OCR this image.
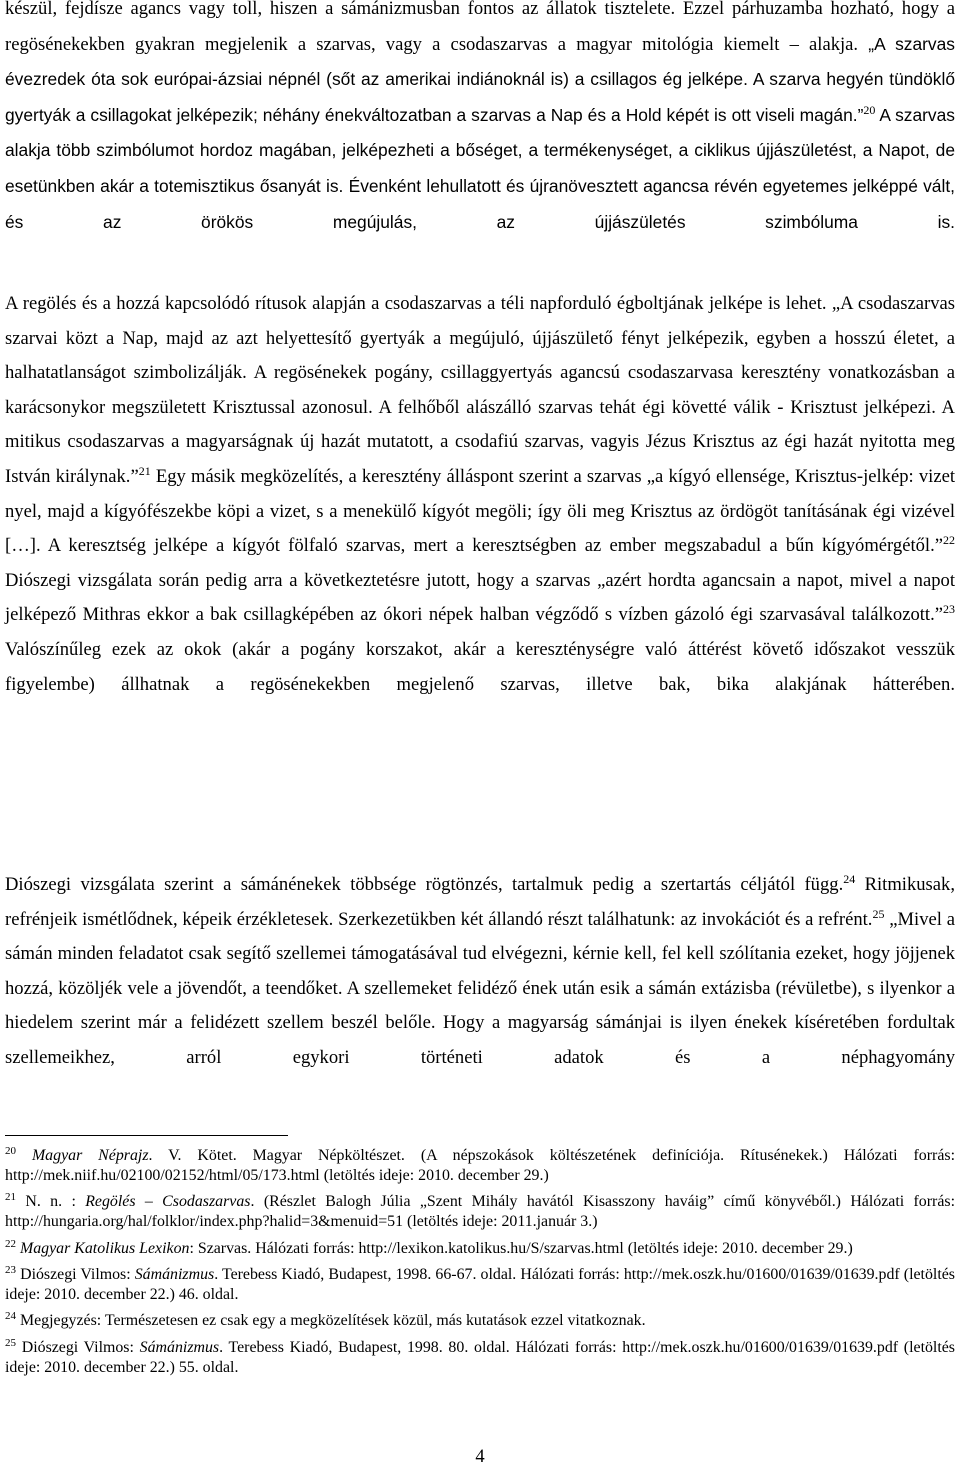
készül, fejdísze agancs vagy toll, hiszen a sámánizmusban fontos az állatok tisztelete. Ezzel párhuzamba hozható, hogy a regösénekekben gyakran megjelenik a szarvas, vagy a csodaszarvas a magyar mitológia kiemelt – alakja. „A szarvas évezredek óta sok európai-ázsiai népnél (sőt az amerikai indiánoknál is) a csillagos ég jelképe. A szarva hegyén tündöklő gyertyák a csillagokat jelképezik; néhány énekváltozatban a szarvas a Nap és a Hold képét is ott viseli magán.”$^{20}$ A szarvas alakja több szimbólumot hordoz magában, jelképezheti a bőséget, a termékenységet, a ciklikus újjászületést, a Napot, de esetünkben akár a totemisztikus ősanyát is. Évenként lehullatott és újranövesztett agancsa révén egyetemes jelképpé vált, és az örökös megújulás, az újjászületés szimbóluma is.

A regölés és a hozzá kapcsolódó rítusok alapján a csodaszarvas a téli napforduló égboltjának jelképe is lehet. „A csodaszarvas szarvai közt a Nap, majd az azt helyettesítő gyertyák a megújuló, újjászülető fényt jelképezik, egyben a hosszú életet, a halhatatlanságot szimbolizálják. A regösénekek pogány, csillaggyertyás agancsú csodaszarvasa keresztény vonatkozásban a karácsonykor megszületett Krisztussal azonosul. A felhőből alászálló szarvas tehát égi követté válik - Krisztust jelképezi. A mitikus csodaszarvas a magyarságnak új hazát mutatott, a csodafiú szarvas, vagyis Jézus Krisztus az égi hazát nyitotta meg István királynak.”$^{21}$ Egy másik megközelítés, a keresztény álláspont szerint a szarvas „a kígyó ellensége, Krisztus-jelkép: vizet nyel, majd a kígyófészekbe köpi a vizet, s a menekülő kígyót megöli; így öli meg Krisztus az ördögöt tanításának égi vizével […]. A keresztség jelképe a kígyót fölfaló szarvas, mert a keresztségben az ember megszabadul a bűn kígyómérgétől.”$^{22}$ Diószegi vizsgálata során pedig arra a következtetésre jutott, hogy a szarvas „azért hordta agancsain a napot, mivel a napot jelképező Mithras ekkor a bak csillagképében az ókori népek halban végződő s vízben gázoló égi szarvasával találkozott.”$^{23}$ Valószínűleg ezek az okok (akár a pogány korszakot, akár a kereszténységre való áttérést követő időszakot vesszük figyelembe) állhatnak a regösénekekben megjelenő szarvas, illetve bak, bika alakjának hátterében.

Diószegi vizsgálata szerint a sámánénekek többsége rögtönzés, tartalmuk pedig a szertartás céljától függ.$^{24}$ Ritmikusak, refrénjeik ismétlődnek, képeik érzékletesek. Szerkezetükben két állandó részt találhatunk: az invokációt és a refrént.$^{25}$ „Mivel a sámán minden feladatot csak segítő szellemei támogatásával tud elvégezni, kérnie kell, fel kell szólítania ezeket, hogy jöjjenek hozzá, közöljék vele a jövendőt, a teendőket. A szellemeket felidéző ének után esik a sámán extázisba (révületbe), s ilyenkor a hiedelem szerint már a felidézett szellem beszél belőle. Hogy a magyarság sámánjai is ilyen énekek kíséretében fordultak szellemeikhez, arról egykori történeti adatok és a néphagyomány

$^{20}$ Magyar Néprajz. V. Kötet. Magyar Népköltészet. (A népszokások költészetének definíciója. Rítusénekek.) Hálózati forrás: http://mek.niif.hu/02100/02152/html/05/173.html (letöltés ideje: 2010. december 29.)

$^{21}$ N. n. : Regölés – Csodaszarvas. (Részlet Balogh Júlia „Szent Mihály havától Kisasszony haváig” című könyvéből.) Hálózati forrás: http://hungaria.org/hal/folklor/index.php?halid=3&menuid=51 (letöltés ideje: 2011.január 3.)

$^{22}$ Magyar Katolikus Lexikon: Szarvas. Hálózati forrás: http://lexikon.katolikus.hu/S/szarvas.html (letöltés ideje: 2010. december 29.)

$^{23}$ Diószegi Vilmos: Sámánizmus. Terebess Kiadó, Budapest, 1998. 66-67. oldal. Hálózati forrás: http://mek.oszk.hu/01600/01639/01639.pdf (letöltés ideje: 2010. december 22.) 46. oldal.

$^{24}$ Megjegyzés: Természetesen ez csak egy a megközelítések közül, más kutatások ezzel vitatkoznak.

$^{25}$ Diószegi Vilmos: Sámánizmus. Terebess Kiadó, Budapest, 1998. 80. oldal. Hálózati forrás: http://mek.oszk.hu/01600/01639/01639.pdf (letöltés ideje: 2010. december 22.) 55. oldal.

4
